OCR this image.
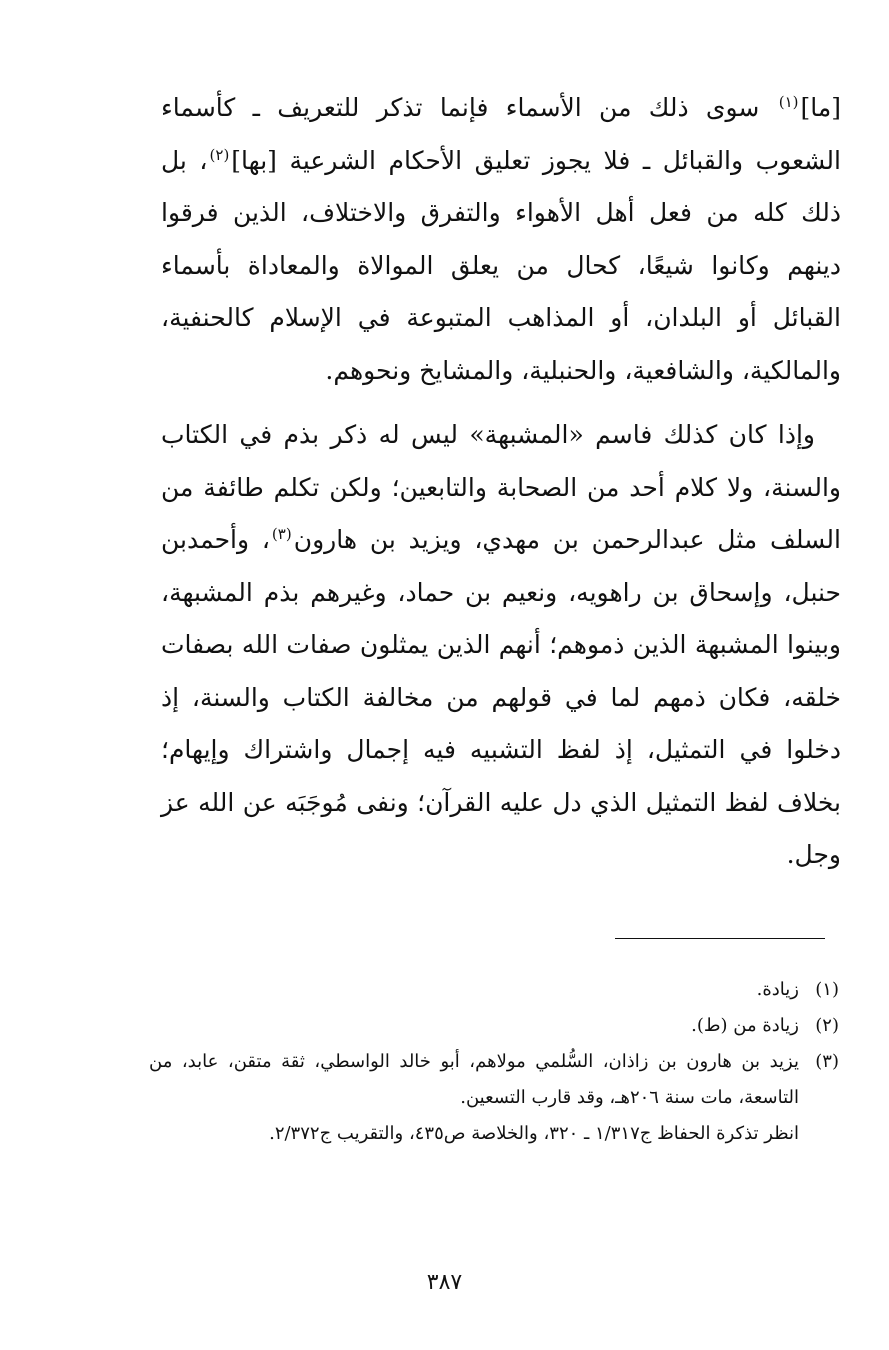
[ما]$^{(١)}$ سوى ذلك من الأسماء فإنما تذكر للتعريف ـ كأسماء الشعوب والقبائل ـ فلا يجوز تعليق الأحكام الشرعية [بها]$^{(٢)}$، بل ذلك كله من فعل أهل الأهواء والتفرق والاختلاف، الذين فرقوا دينهم وكانوا شيعًا، كحال من يعلق الموالاة والمعاداة بأسماء القبائل أو البلدان، أو المذاهب المتبوعة في الإسلام كالحنفية، والمالكية، والشافعية، والحنبلية، والمشايخ ونحوهم.

وإذا كان كذلك فاسم «المشبهة» ليس له ذكر بذم في الكتاب والسنة، ولا كلام أحد من الصحابة والتابعين؛ ولكن تكلم طائفة من السلف مثل عبدالرحمن بن مهدي، ويزيد بن هارون$^{(٣)}$، وأحمدبن حنبل، وإسحاق بن راهويه، ونعيم بن حماد، وغيرهم بذم المشبهة، وبينوا المشبهة الذين ذموهم؛ أنهم الذين يمثلون صفات الله بصفات خلقه، فكان ذمهم لما في قولهم من مخالفة الكتاب والسنة، إذ دخلوا في التمثيل، إذ لفظ التشبيه فيه إجمال واشتراك وإيهام؛ بخلاف لفظ التمثيل الذي دل عليه القرآن؛ ونفى مُوجَبَه عن الله عز وجل.

(١)
زيادة.
(٢)
زيادة من (ط).
(٣)
يزيد بن هارون بن زاذان، السُّلمي مولاهم، أبو خالد الواسطي، ثقة متقن، عابد، من التاسعة، مات سنة ٢٠٦هـ، وقد قارب التسعين.
انظر تذكرة الحفاظ ج١/٣١٧ ـ ٣٢٠، والخلاصة ص٤٣٥، والتقريب ج٢/٣٧٢.
٣٨٧
